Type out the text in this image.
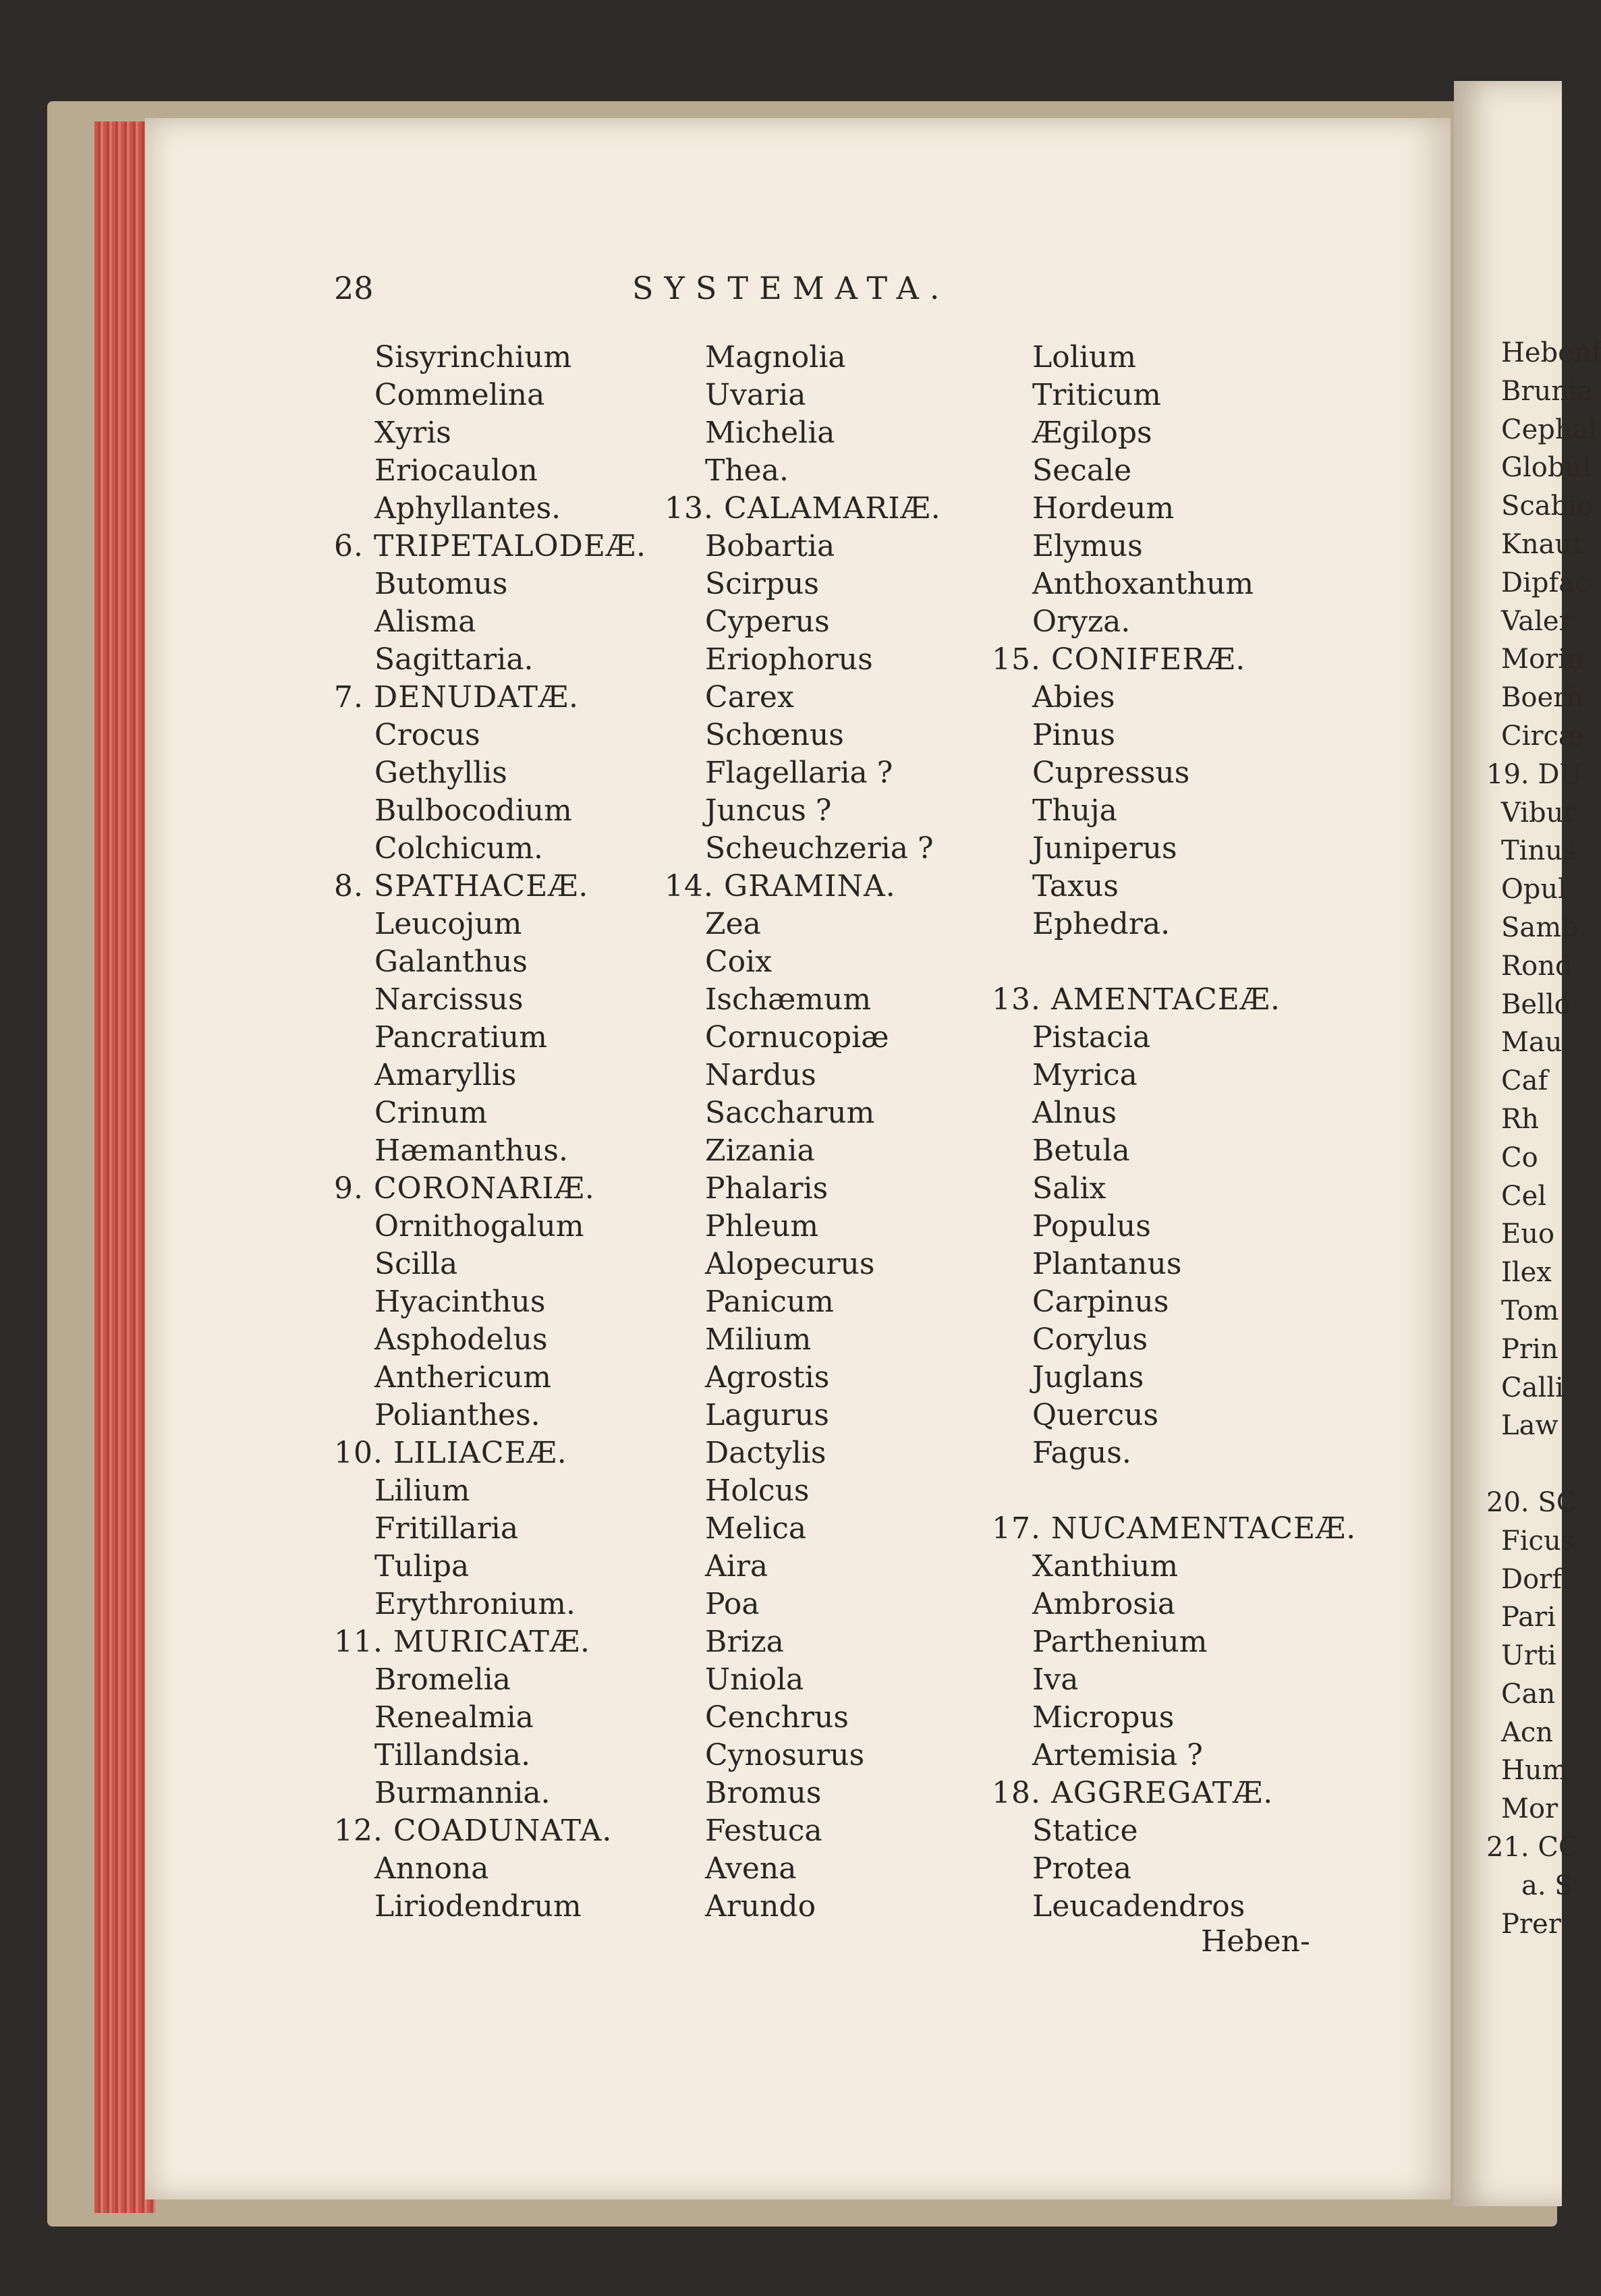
Hebenf
Brunia
Cephal
Globul
Scabio
Knaut
Dipfac
Valer
Morin
Boerh
Circæ
19. DU
Vibur
Tinus
Opul
Samb
Rond
Bello
Mau
Caf
Rh
Co
Cel
Euo
Ilex
Tom
Prin
Calli
Law
20. SC
Ficus
Dorf
Pari
Urti
Can
Acn
Hum
Mor
21. CC
a. S
Prer
28	SYSTEMATA.
Sisyrinchium
Commelina
Xyris
Eriocaulon
Aphyllantes.
6. TRIPETALODEÆ.
Butomus
Alisma
Sagittaria.
7. DENUDATÆ.
Crocus
Gethyllis
Bulbocodium
Colchicum.
8. SPATHACEÆ.
Leucojum
Galanthus
Narcissus
Pancratium
Amaryllis
Crinum
Hæmanthus.
9. CORONARIÆ.
Ornithogalum
Scilla
Hyacinthus
Asphodelus
Anthericum
Polianthes.
10. LILIACEÆ.
Lilium
Fritillaria
Tulipa
Erythronium.
11. MURICATÆ.
Bromelia
Renealmia
Tillandsia.
Burmannia.
12. COADUNATA.
Annona
Liriodendrum
Magnolia
Uvaria
Michelia
Thea.
13. CALAMARIÆ.
Bobartia
Scirpus
Cyperus
Eriophorus
Carex
Schœnus
Flagellaria ?
Juncus ?
Scheuchzeria ?
14. GRAMINA.
Zea
Coix
Ischæmum
Cornucopiæ
Nardus
Saccharum
Zizania
Phalaris
Phleum
Alopecurus
Panicum
Milium
Agrostis
Lagurus
Dactylis
Holcus
Melica
Aira
Poa
Briza
Uniola
Cenchrus
Cynosurus
Bromus
Festuca
Avena
Arundo
Lolium
Triticum
Ægilops
Secale
Hordeum
Elymus
Anthoxanthum
Oryza.
15. CONIFERÆ.
Abies
Pinus
Cupressus
Thuja
Juniperus
Taxus
Ephedra.
13. AMENTACEÆ.
Pistacia
Myrica
Alnus
Betula
Salix
Populus
Plantanus
Carpinus
Corylus
Juglans
Quercus
Fagus.
17. NUCAMENTACEÆ.
Xanthium
Ambrosia
Parthenium
Iva
Micropus
Artemisia ?
18. AGGREGATÆ.
Statice
Protea
Leucadendros
Heben-
